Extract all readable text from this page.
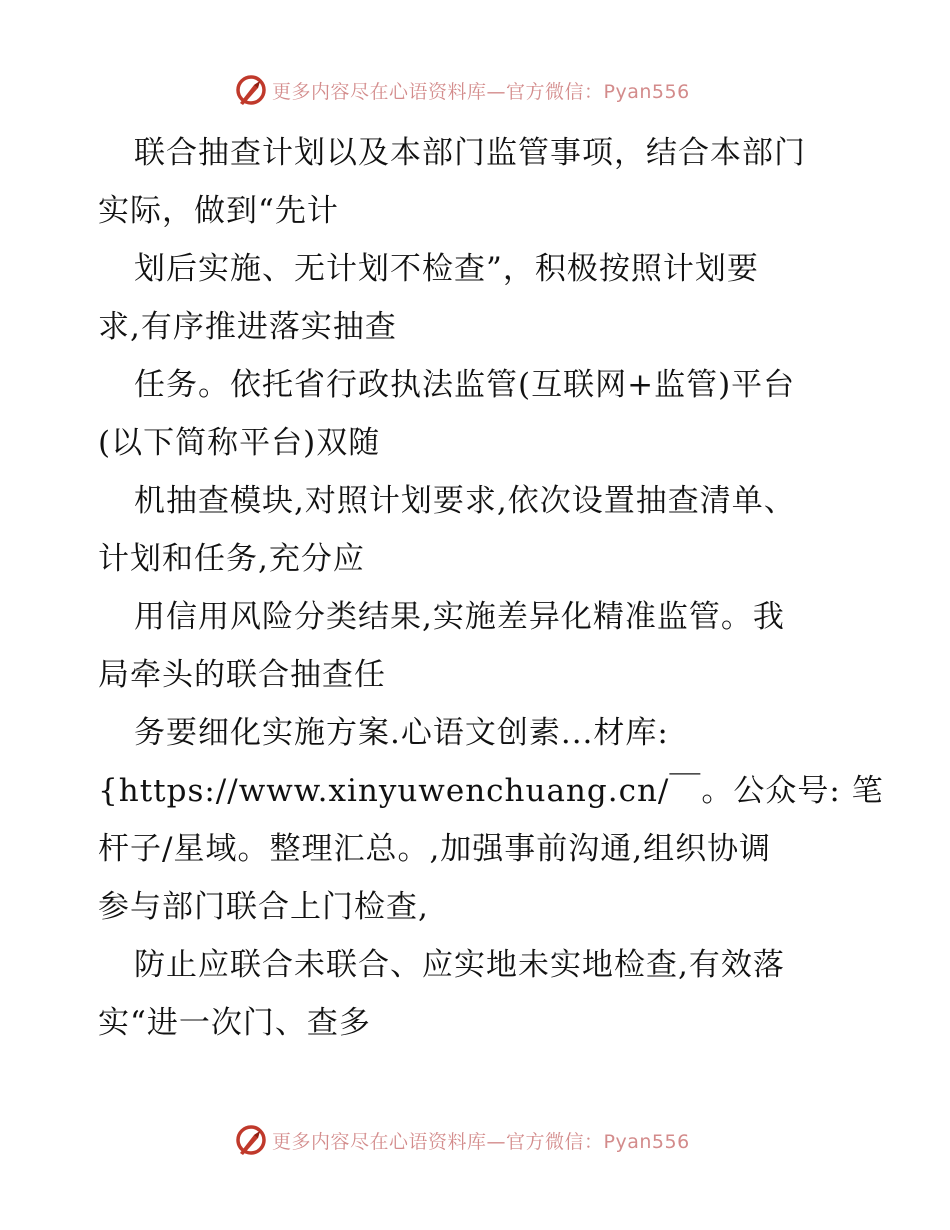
更多内容尽在心语资料库—官方微信：Pyan556

联合抽查计划以及本部门监管事项，结合本部门
实际，做到“先计

划后实施、无计划不检查”，积极按照计划要
求,有序推进落实抽查

任务。依托省行政执法监管(互联网+监管)平台
(以下简称平台)双随

机抽查模块,对照计划要求,依次设置抽查清单、
计划和任务,充分应

用信用风险分类结果,实施差异化精准监管。我
局牵头的联合抽查任

务要细化实施方案.心语文创素...材库:
{https://www.xinyuwenchuang.cn/￣。公众号: 笔
杆子/星域。整理汇总。,加强事前沟通,组织协调
参与部门联合上门检查,

防止应联合未联合、应实地未实地检查,有效落
实“进一次门、查多

更多内容尽在心语资料库—官方微信：Pyan556
